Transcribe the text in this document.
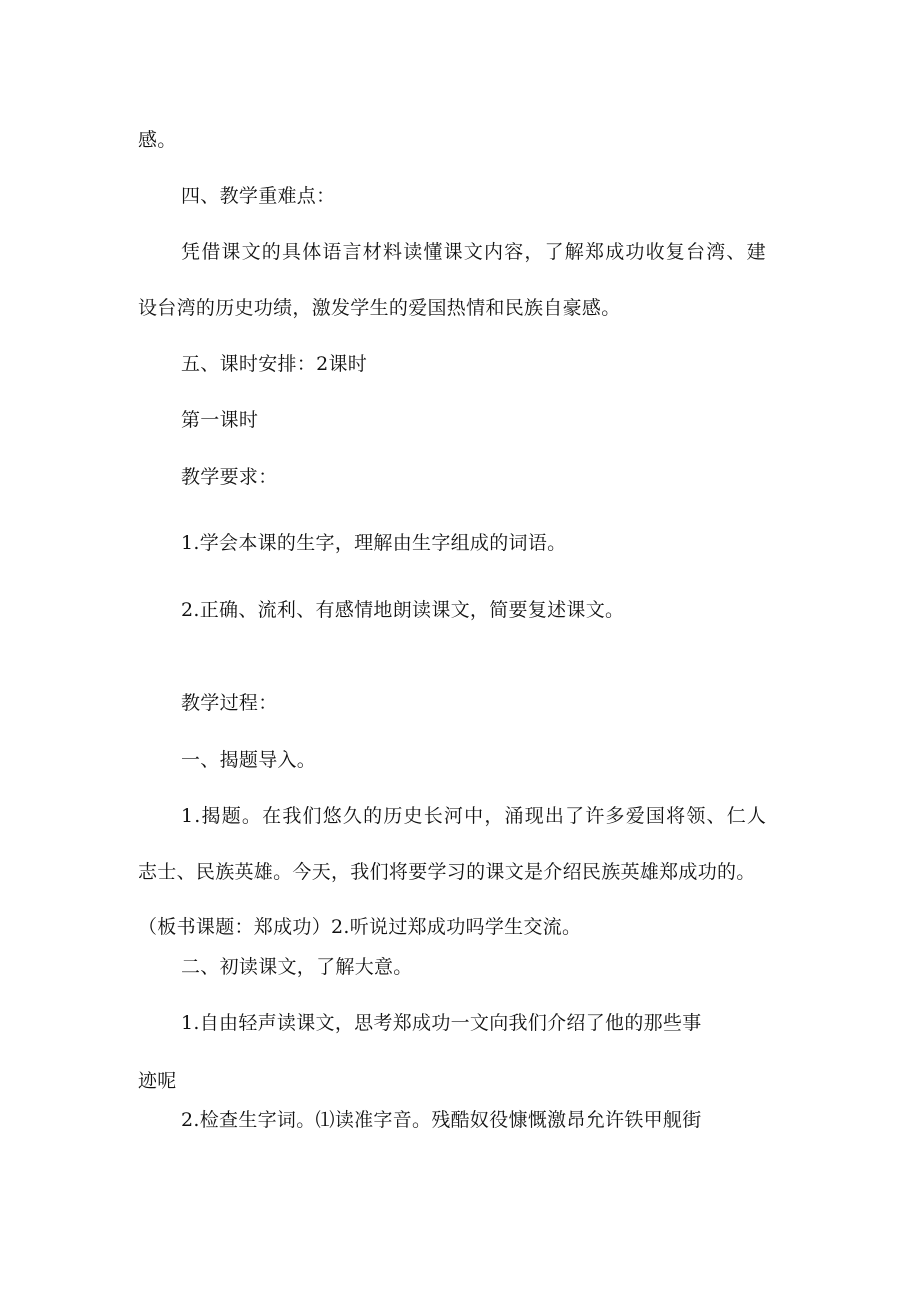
感。
四、教学重难点：
凭借课文的具体语言材料读懂课文内容，了解郑成功收复台湾、建
设台湾的历史功绩，激发学生的爱国热情和民族自豪感。
五、课时安排：2课时
第一课时
教学要求：
1.学会本课的生字，理解由生字组成的词语。
2.正确、流利、有感情地朗读课文，简要复述课文。
教学过程：
一、揭题导入。
1.揭题。在我们悠久的历史长河中，涌现出了许多爱国将领、仁人
志士、民族英雄。今天，我们将要学习的课文是介绍民族英雄郑成功的。
（板书课题：郑成功）2.听说过郑成功吗学生交流。
二、初读课文，了解大意。
1.自由轻声读课文，思考郑成功一文向我们介绍了他的那些事
迹呢
2.检查生字词。⑴读准字音。残酷奴役慷慨激昂允许铁甲舰街
